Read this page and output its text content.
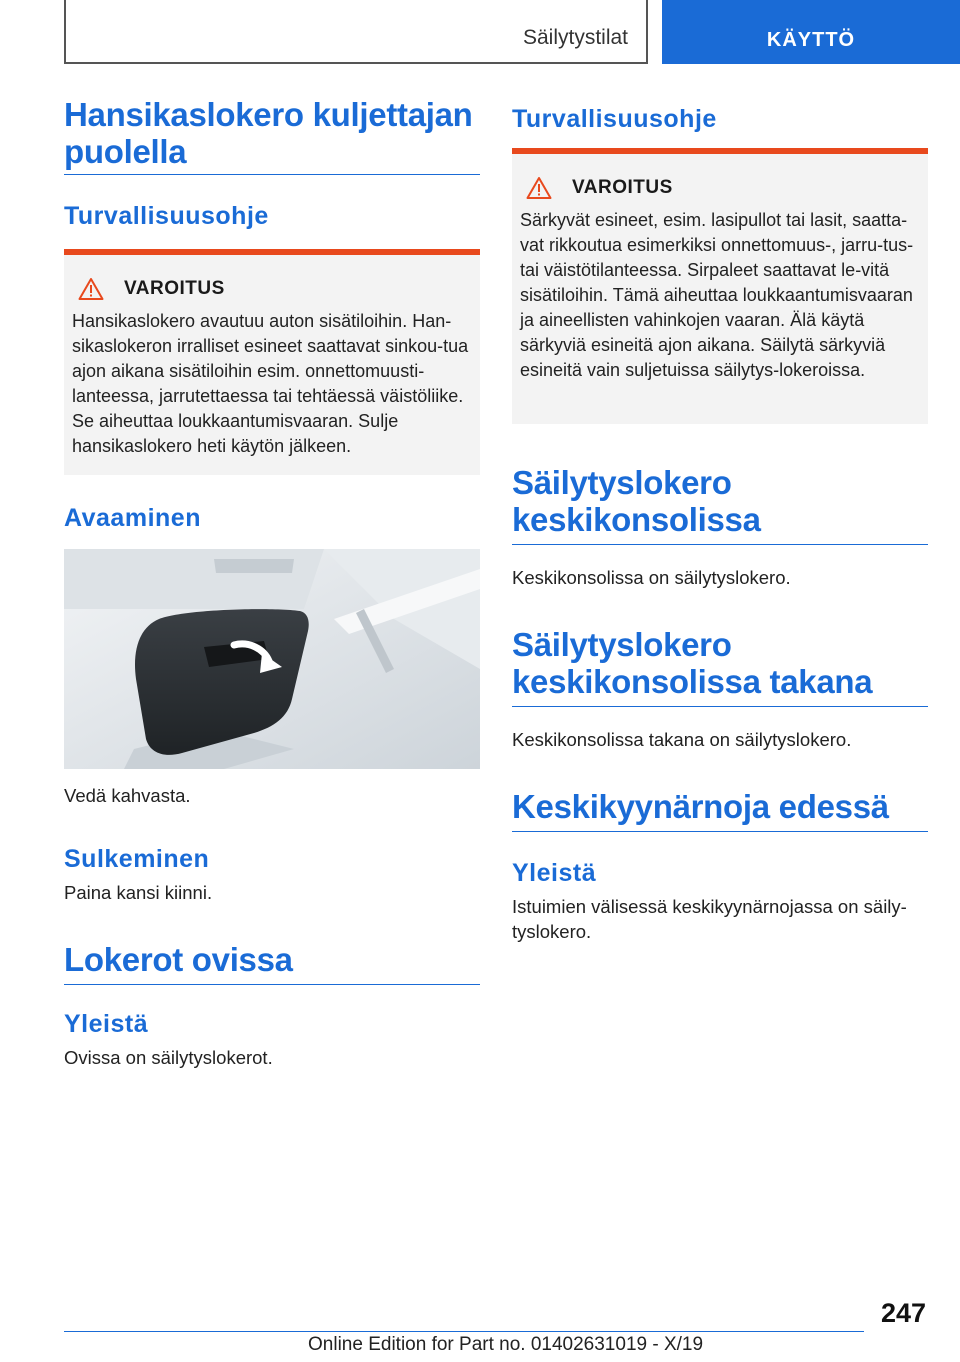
Säilytystilat	KÄYTTÖ
Hansikaslokero kuljettajan puolella
Turvallisuusohje
VAROITUS

Hansikaslokero avautuu auton sisätiloihin. Han-sikaslokeron irralliset esineet saattavat sinkou-tua ajon aikana sisätiloihin esim. onnettomuusti-lanteessa, jarrutettaessa tai tehtäessä väistöliike. Se aiheuttaa loukkaantumisvaaran. Sulje hansikaslokero heti käytön jälkeen.

Avaaminen

Vedä kahvasta.

Sulkeminen

Paina kansi kiinni.

Lokerot ovissa
Yleistä

Ovissa on säilytyslokerot.

Turvallisuusohje
VAROITUS

Särkyvät esineet, esim. lasipullot tai lasit, saatta-vat rikkoutua esimerkiksi onnettomuus-, jarru-tus- tai väistötilanteessa. Sirpaleet saattavat le-vitä sisätiloihin. Tämä aiheuttaa loukkaantumisvaaran ja aineellisten vahinkojen vaaran. Älä käytä särkyviä esineitä ajon aikana. Säilytä särkyviä esineitä vain suljetuissa säilytys-lokeroissa.

Säilytyslokero keskikonsolissa

Keskikonsolissa on säilytyslokero.

Säilytyslokero keskikonsolissa takana

Keskikonsolissa takana on säilytyslokero.

Keskikyynärnoja edessä
Yleistä

Istuimien välisessä keskikyynärnojassa on säily-tyslokero.

247
Online Edition for Part no. 01402631019 - X/19
